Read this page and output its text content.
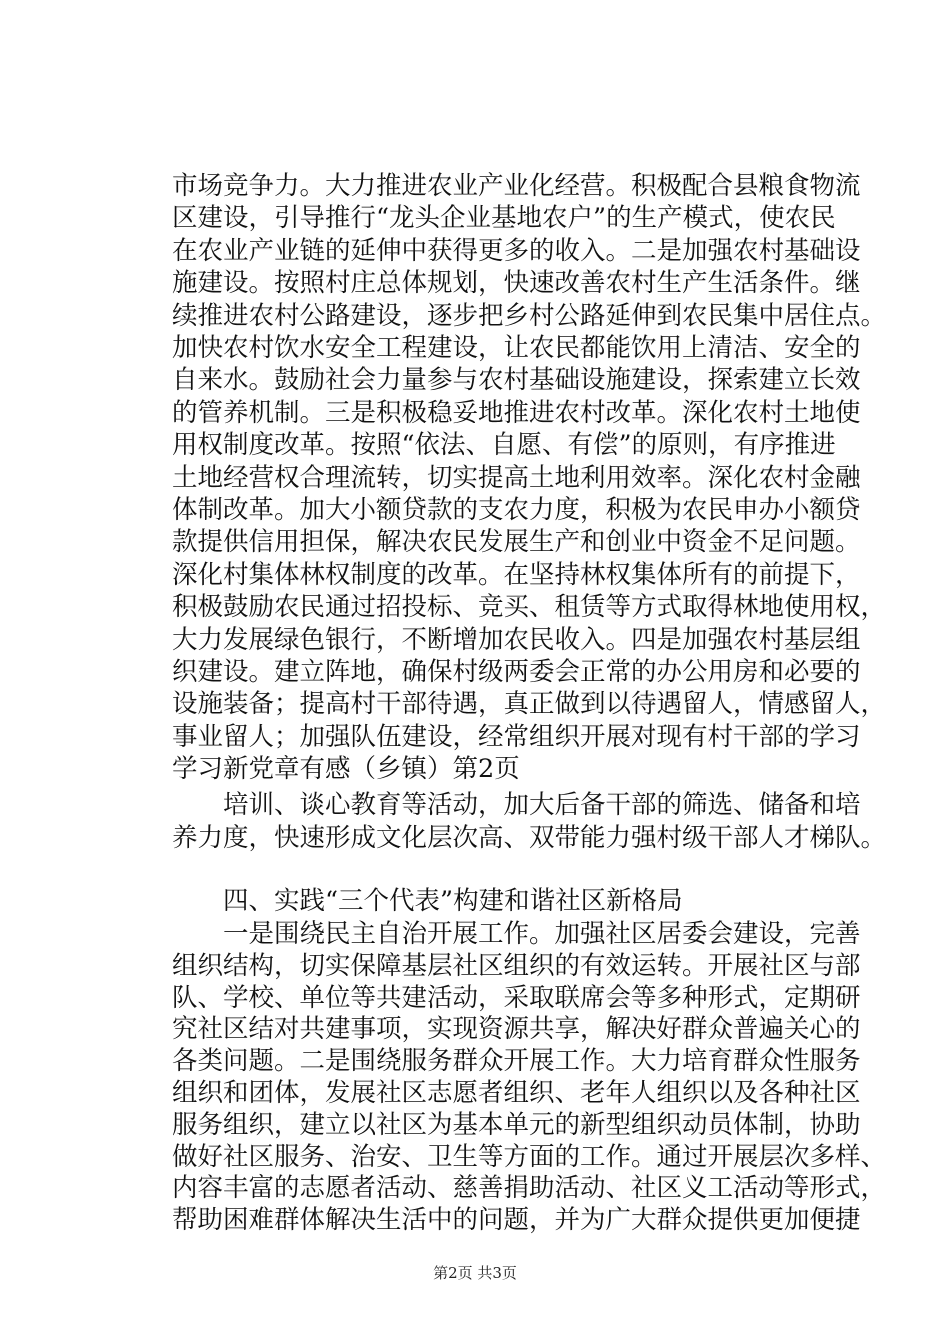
市场竞争力。大力推进农业产业化经营。积极配合县粮食物流
区建设，引导推行“龙头企业基地农户”的生产模式，使农民
在农业产业链的延伸中获得更多的收入。二是加强农村基础设
施建设。按照村庄总体规划，快速改善农村生产生活条件。继
续推进农村公路建设，逐步把乡村公路延伸到农民集中居住点。
加快农村饮水安全工程建设，让农民都能饮用上清洁、安全的
自来水。鼓励社会力量参与农村基础设施建设，探索建立长效
的管养机制。三是积极稳妥地推进农村改革。深化农村土地使
用权制度改革。按照“依法、自愿、有偿”的原则，有序推进
土地经营权合理流转，切实提高土地利用效率。深化农村金融
体制改革。加大小额贷款的支农力度，积极为农民申办小额贷
款提供信用担保，解决农民发展生产和创业中资金不足问题。
深化村集体林权制度的改革。在坚持林权集体所有的前提下，
积极鼓励农民通过招投标、竞买、租赁等方式取得林地使用权，
大力发展绿色银行，不断增加农民收入。四是加强农村基层组
织建设。建立阵地，确保村级两委会正常的办公用房和必要的
设施装备；提高村干部待遇，真正做到以待遇留人，情感留人，
事业留人；加强队伍建设，经常组织开展对现有村干部的学习
学习新党章有感（乡镇）第2页
　　培训、谈心教育等活动，加大后备干部的筛选、储备和培
养力度，快速形成文化层次高、双带能力强村级干部人才梯队。
　　四、实践“三个代表”构建和谐社区新格局
　　一是围绕民主自治开展工作。加强社区居委会建设，完善
组织结构，切实保障基层社区组织的有效运转。开展社区与部
队、学校、单位等共建活动，采取联席会等多种形式，定期研
究社区结对共建事项，实现资源共享，解决好群众普遍关心的
各类问题。二是围绕服务群众开展工作。大力培育群众性服务
组织和团体，发展社区志愿者组织、老年人组织以及各种社区
服务组织，建立以社区为基本单元的新型组织动员体制，协助
做好社区服务、治安、卫生等方面的工作。通过开展层次多样、
内容丰富的志愿者活动、慈善捐助活动、社区义工活动等形式，
帮助困难群体解决生活中的问题，并为广大群众提供更加便捷
第2页 共3页
